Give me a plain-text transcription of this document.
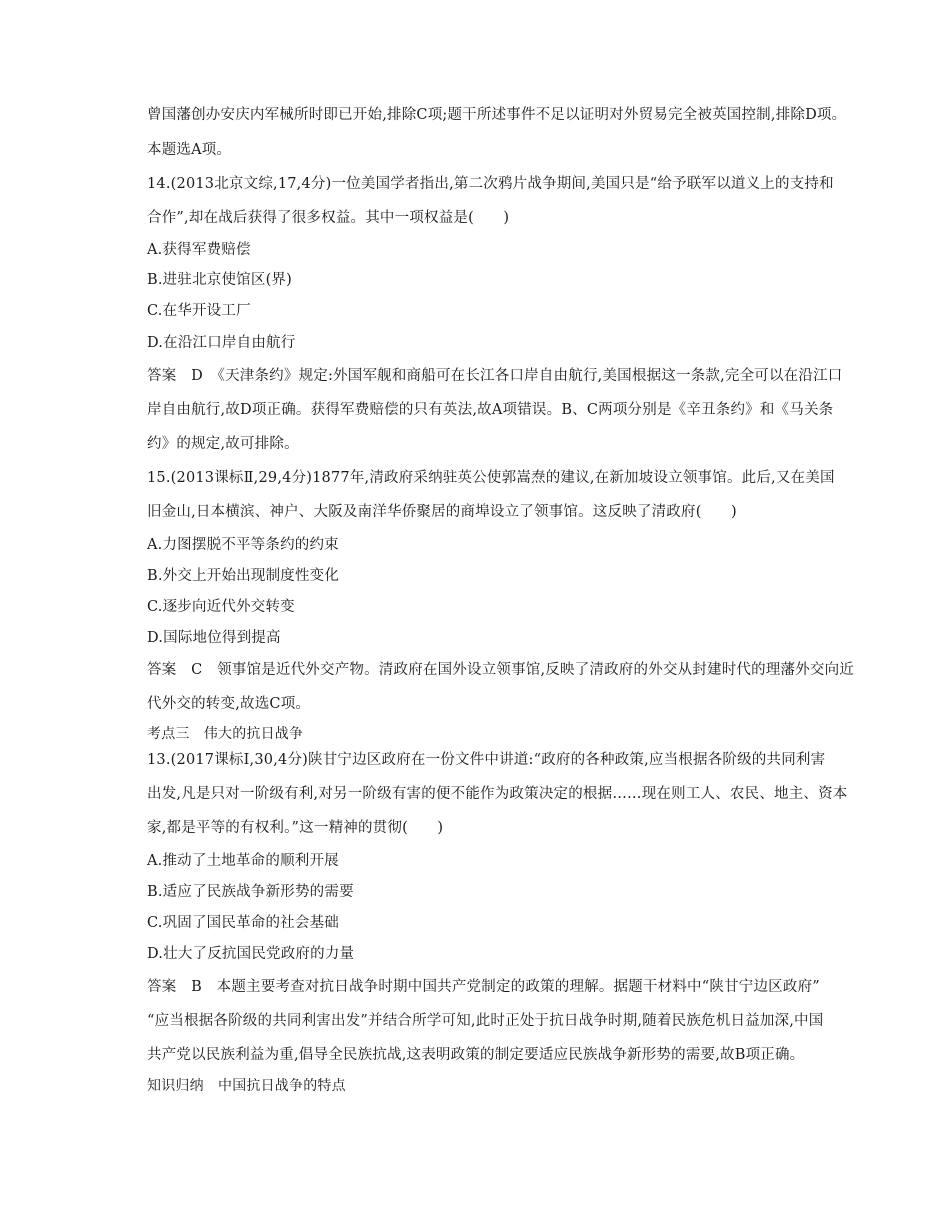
曾国藩创办安庆内军械所时即已开始,排除C项;题干所述事件不足以证明对外贸易完全被英国控制,排除D项。
本题选A项。
14.(2013北京文综,17,4分)一位美国学者指出,第二次鸦片战争期间,美国只是“给予联军以道义上的支持和
合作”,却在战后获得了很多权益。其中一项权益是(　　)
A.获得军费赔偿
B.进驻北京使馆区(界)
C.在华开设工厂
D.在沿江口岸自由航行
答案　D　《天津条约》规定:外国军舰和商船可在长江各口岸自由航行,美国根据这一条款,完全可以在沿江口
岸自由航行,故D项正确。获得军费赔偿的只有英法,故A项错误。B、C两项分别是《辛丑条约》和《马关条
约》的规定,故可排除。
15.(2013课标Ⅱ,29,4分)1877年,清政府采纳驻英公使郭嵩焘的建议,在新加坡设立领事馆。此后,又在美国
旧金山,日本横滨、神户、大阪及南洋华侨聚居的商埠设立了领事馆。这反映了清政府(　　)
A.力图摆脱不平等条约的约束
B.外交上开始出现制度性变化
C.逐步向近代外交转变
D.国际地位得到提高
答案　C　领事馆是近代外交产物。清政府在国外设立领事馆,反映了清政府的外交从封建时代的理藩外交向近
代外交的转变,故选C项。
考点三　伟大的抗日战争
13.(2017课标Ⅰ,30,4分)陕甘宁边区政府在一份文件中讲道:“政府的各种政策,应当根据各阶级的共同利害
出发,凡是只对一阶级有利,对另一阶级有害的便不能作为政策决定的根据……现在则工人、农民、地主、资本
家,都是平等的有权利。”这一精神的贯彻(　　)
A.推动了土地革命的顺利开展
B.适应了民族战争新形势的需要
C.巩固了国民革命的社会基础
D.壮大了反抗国民党政府的力量
答案　B　本题主要考查对抗日战争时期中国共产党制定的政策的理解。据题干材料中“陕甘宁边区政府”
“应当根据各阶级的共同利害出发”并结合所学可知,此时正处于抗日战争时期,随着民族危机日益加深,中国
共产党以民族利益为重,倡导全民族抗战,这表明政策的制定要适应民族战争新形势的需要,故B项正确。
知识归纳　中国抗日战争的特点
